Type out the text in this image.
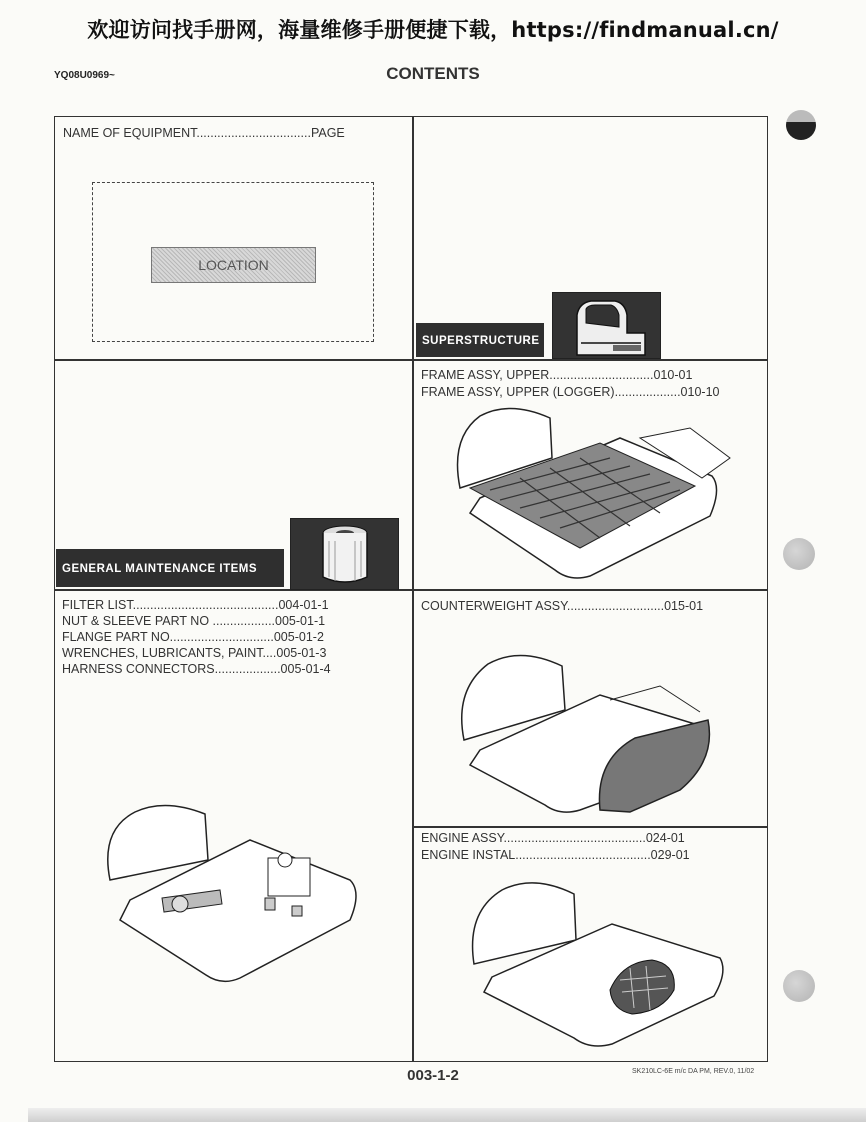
欢迎访问找手册网，海量维修手册便捷下载，https://findmanual.cn/
YQ08U0969~	CONTENTS
NAME OF EQUIPMENT.................................PAGE
LOCATION
SUPERSTRUCTURE
FRAME ASSY, UPPER..............................010-01
FRAME ASSY, UPPER (LOGGER)...................010-10
GENERAL MAINTENANCE ITEMS
FILTER LIST..........................................004-01-1
NUT & SLEEVE PART NO ..................005-01-1
FLANGE PART NO..............................005-01-2
WRENCHES, LUBRICANTS, PAINT....005-01-3
HARNESS CONNECTORS...................005-01-4
COUNTERWEIGHT ASSY............................015-01
ENGINE ASSY.........................................024-01
ENGINE INSTAL.......................................029-01
003-1-2	SK210LC-6E m/c DA PM, REV.0, 11/02
